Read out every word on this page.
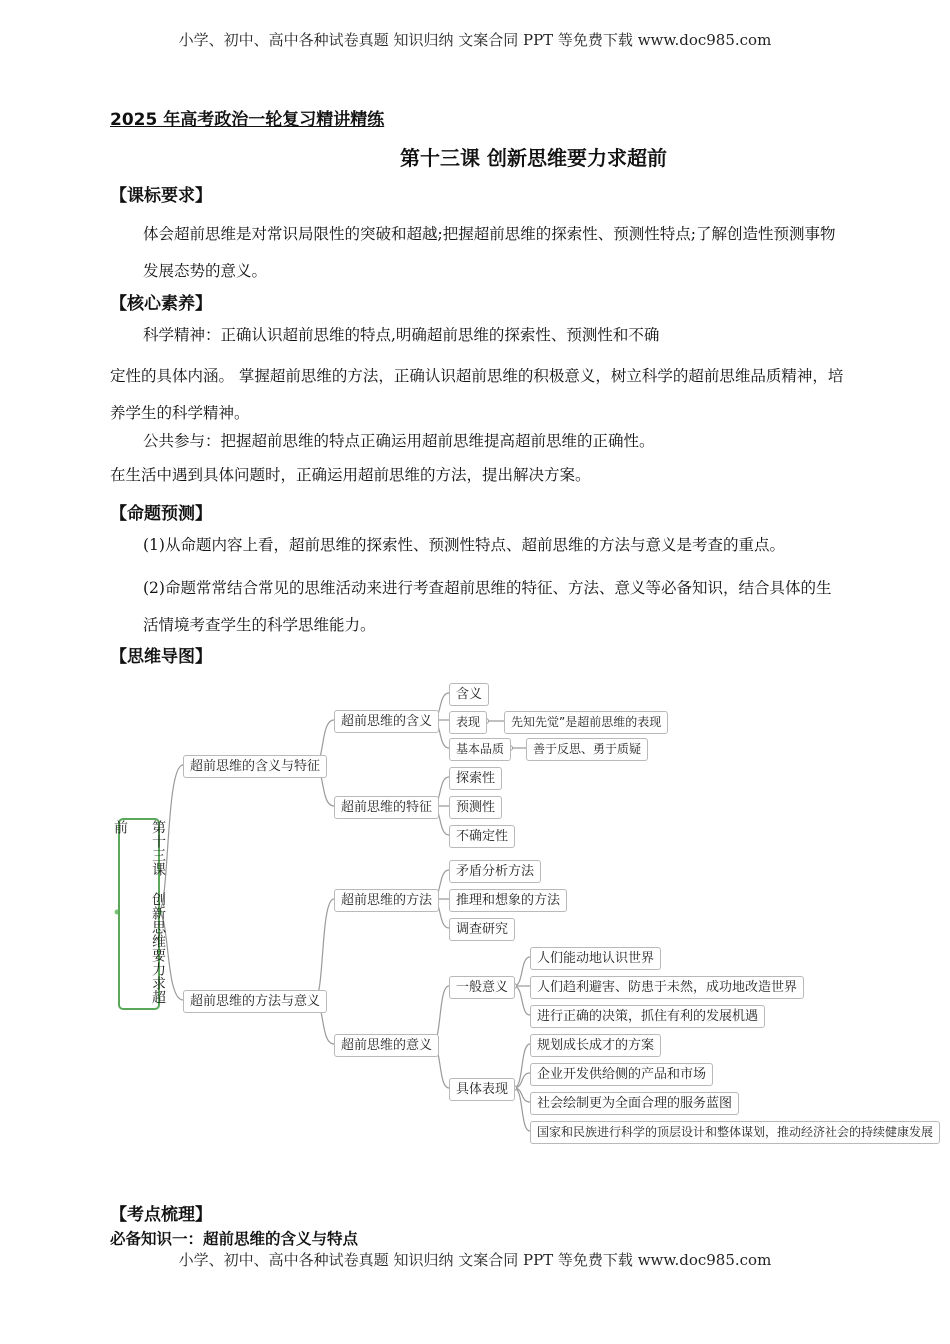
小学、初中、高中各种试卷真题 知识归纳 文案合同 PPT 等免费下载 www.doc985.com
2025 年高考政治一轮复习精讲精练
第十三课 创新思维要力求超前
【课标要求】
体会超前思维是对常识局限性的突破和超越;把握超前思维的探索性、预测性特点;了解创造性预测事物发展态势的意义。
【核心素养】
科学精神：正确认识超前思维的特点,明确超前思维的探索性、预测性和不确
定性的具体内涵。 掌握超前思维的方法，正确认识超前思维的积极意义，树立科学的超前思维品质精神，培养学生的科学精神。
公共参与：把握超前思维的特点正确运用超前思维提高超前思维的正确性。
在生活中遇到具体问题时，正确运用超前思维的方法，提出解决方案。
【命题预测】
(1)从命题内容上看，超前思维的探索性、预测性特点、超前思维的方法与意义是考查的重点。
(2)命题常常结合常见的思维活动来进行考查超前思维的特征、方法、意义等必备知识，结合具体的生活情境考查学生的科学思维能力。
【思维导图】
第十三课 创新思维要力求超前
超前思维的含义与特征
超前思维的方法与意义
超前思维的含义
含义
表现	先知先觉”是超前思维的表现
基本品质	善于反思、勇于质疑
超前思维的特征
探索性
预测性
不确定性
超前思维的方法
矛盾分析方法
推理和想象的方法
调查研究
超前思维的意义
一般意义
人们能动地认识世界
人们趋利避害、防患于未然，成功地改造世界
进行正确的决策，抓住有利的发展机遇
具体表现
规划成长成才的方案
企业开发供给侧的产品和市场
社会绘制更为全面合理的服务蓝图
国家和民族进行科学的顶层设计和整体谋划，推动经济社会的持续健康发展
【考点梳理】
必备知识一：超前思维的含义与特点
小学、初中、高中各种试卷真题 知识归纳 文案合同 PPT 等免费下载 www.doc985.com
